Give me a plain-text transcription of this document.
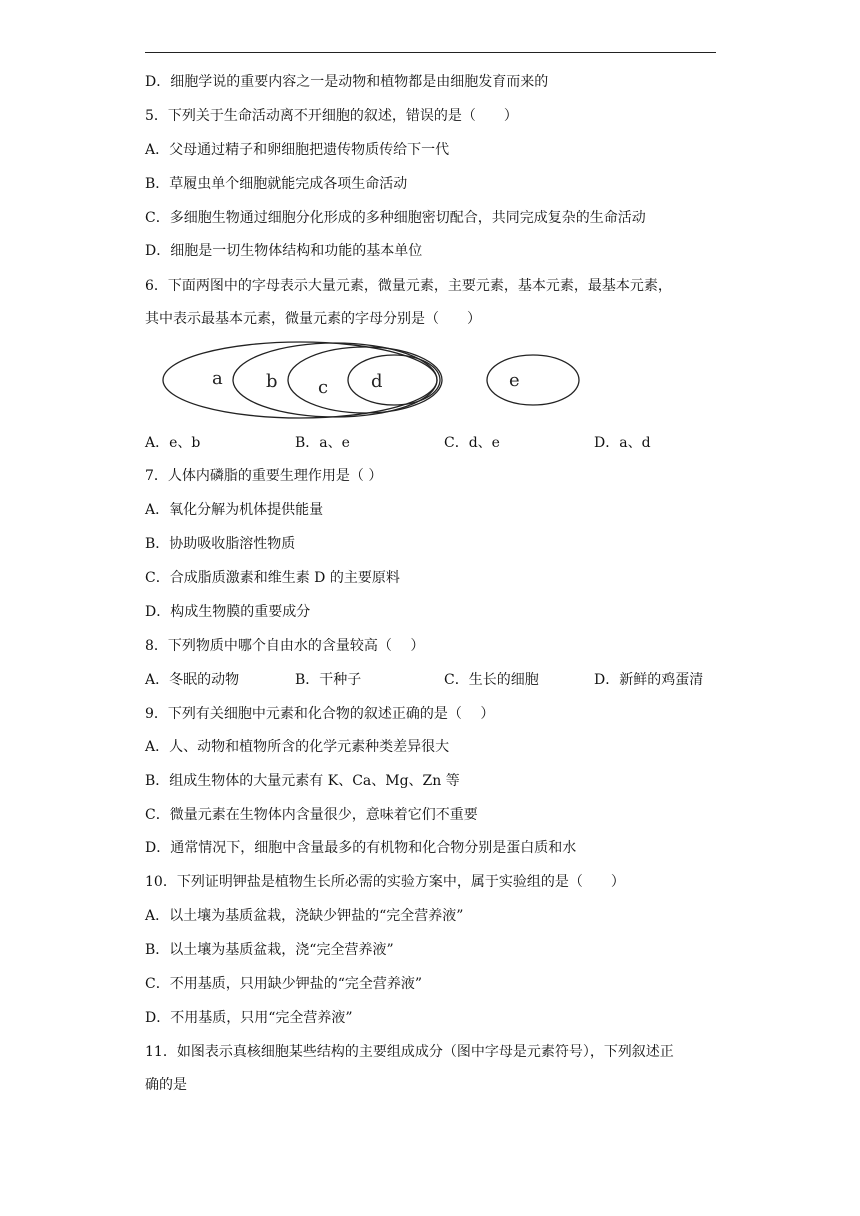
D．细胞学说的重要内容之一是动物和植物都是由细胞发育而来的
5．下列关于生命活动离不开细胞的叙述，错误的是（　　）
A．父母通过精子和卵细胞把遗传物质传给下一代
B．草履虫单个细胞就能完成各项生命活动
C．多细胞生物通过细胞分化形成的多种细胞密切配合，共同完成复杂的生命活动
D．细胞是一切生物体结构和功能的基本单位
6．下面两图中的字母表示大量元素，微量元素，主要元素，基本元素，最基本元素，
其中表示最基本元素，微量元素的字母分别是（　　）
a b c d	e
A．e、b	B．a、e	C．d、e	D．a、d
7．人体内磷脂的重要生理作用是（ ）
A．氧化分解为机体提供能量
B．协助吸收脂溶性物质
C．合成脂质激素和维生素 D 的主要原料
D．构成生物膜的重要成分
8．下列物质中哪个自由水的含量较高（　 ）
A．冬眠的动物	B．干种子	C．生长的细胞	D．新鲜的鸡蛋清
9．下列有关细胞中元素和化合物的叙述正确的是（　 ）
A．人、动物和植物所含的化学元素种类差异很大
B．组成生物体的大量元素有 K、Ca、Mg、Zn 等
C．微量元素在生物体内含量很少，意味着它们不重要
D．通常情况下，细胞中含量最多的有机物和化合物分别是蛋白质和水
10．下列证明钾盐是植物生长所必需的实验方案中，属于实验组的是（　　）
A．以土壤为基质盆栽，浇缺少钾盐的“完全营养液”
B．以土壤为基质盆栽，浇“完全营养液”
C．不用基质，只用缺少钾盐的“完全营养液”
D．不用基质，只用“完全营养液”
11．如图表示真核细胞某些结构的主要组成成分（图中字母是元素符号），下列叙述正
确的是
